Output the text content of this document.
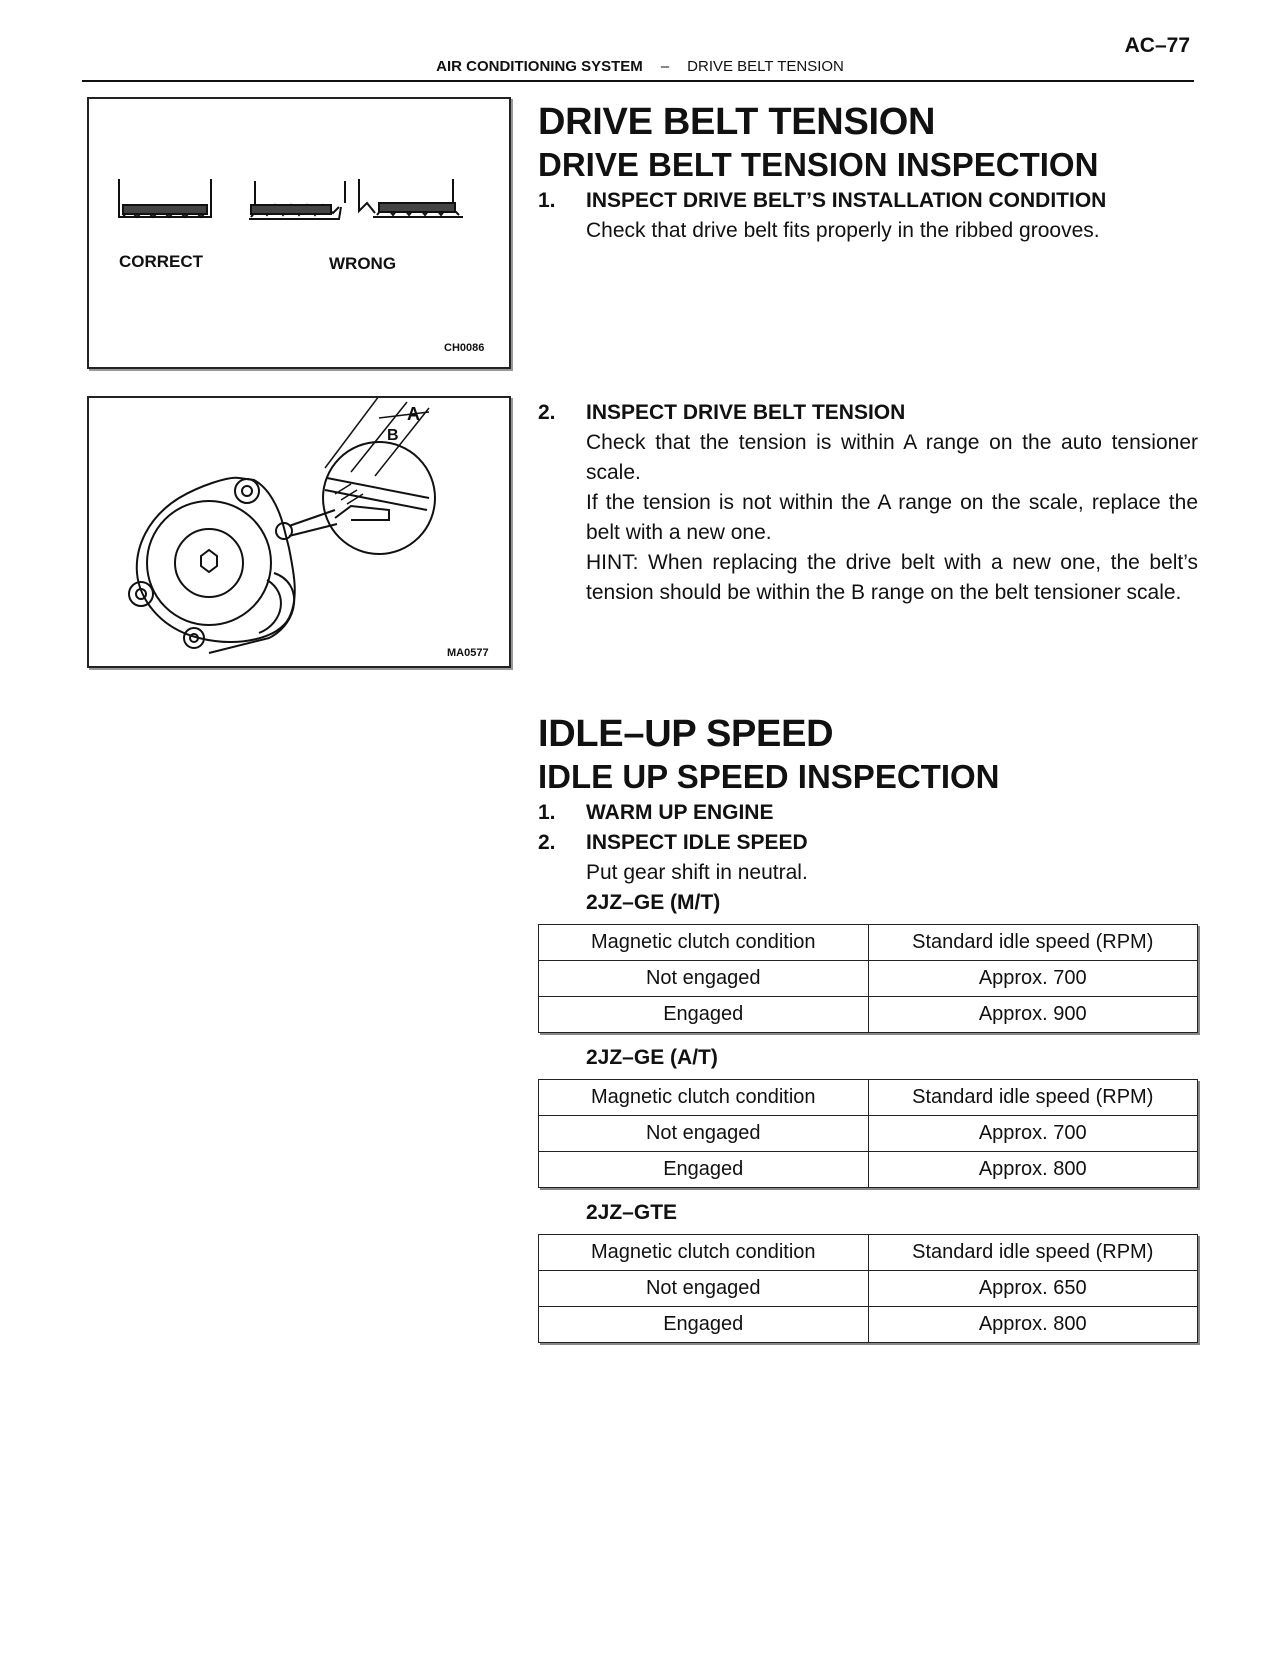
AC–77
AIR CONDITIONING SYSTEM – DRIVE BELT TENSION
CORRECT	WRONG
CH0086
A
B
MA0577
DRIVE BELT TENSION
DRIVE BELT TENSION INSPECTION
1. INSPECT DRIVE BELT’S INSTALLATION CONDITION
Check that drive belt fits properly in the ribbed grooves.
2. INSPECT DRIVE BELT TENSION
Check that the tension is within A range on the auto tensioner scale.
If the tension is not within the A range on the scale, replace the belt with a new one.
HINT: When replacing the drive belt with a new one, the belt’s tension should be within the B range on the belt tensioner scale.
IDLE–UP SPEED
IDLE UP SPEED INSPECTION
1. WARM UP ENGINE
2. INSPECT IDLE SPEED
Put gear shift in neutral.
2JZ–GE (M/T)
Magnetic clutch condition	Standard idle speed (RPM)
Not engaged	Approx. 700
Engaged	Approx. 900
2JZ–GE (A/T)
Magnetic clutch condition	Standard idle speed (RPM)
Not engaged	Approx. 700
Engaged	Approx. 800
2JZ–GTE
Magnetic clutch condition	Standard idle speed (RPM)
Not engaged	Approx. 650
Engaged	Approx. 800
